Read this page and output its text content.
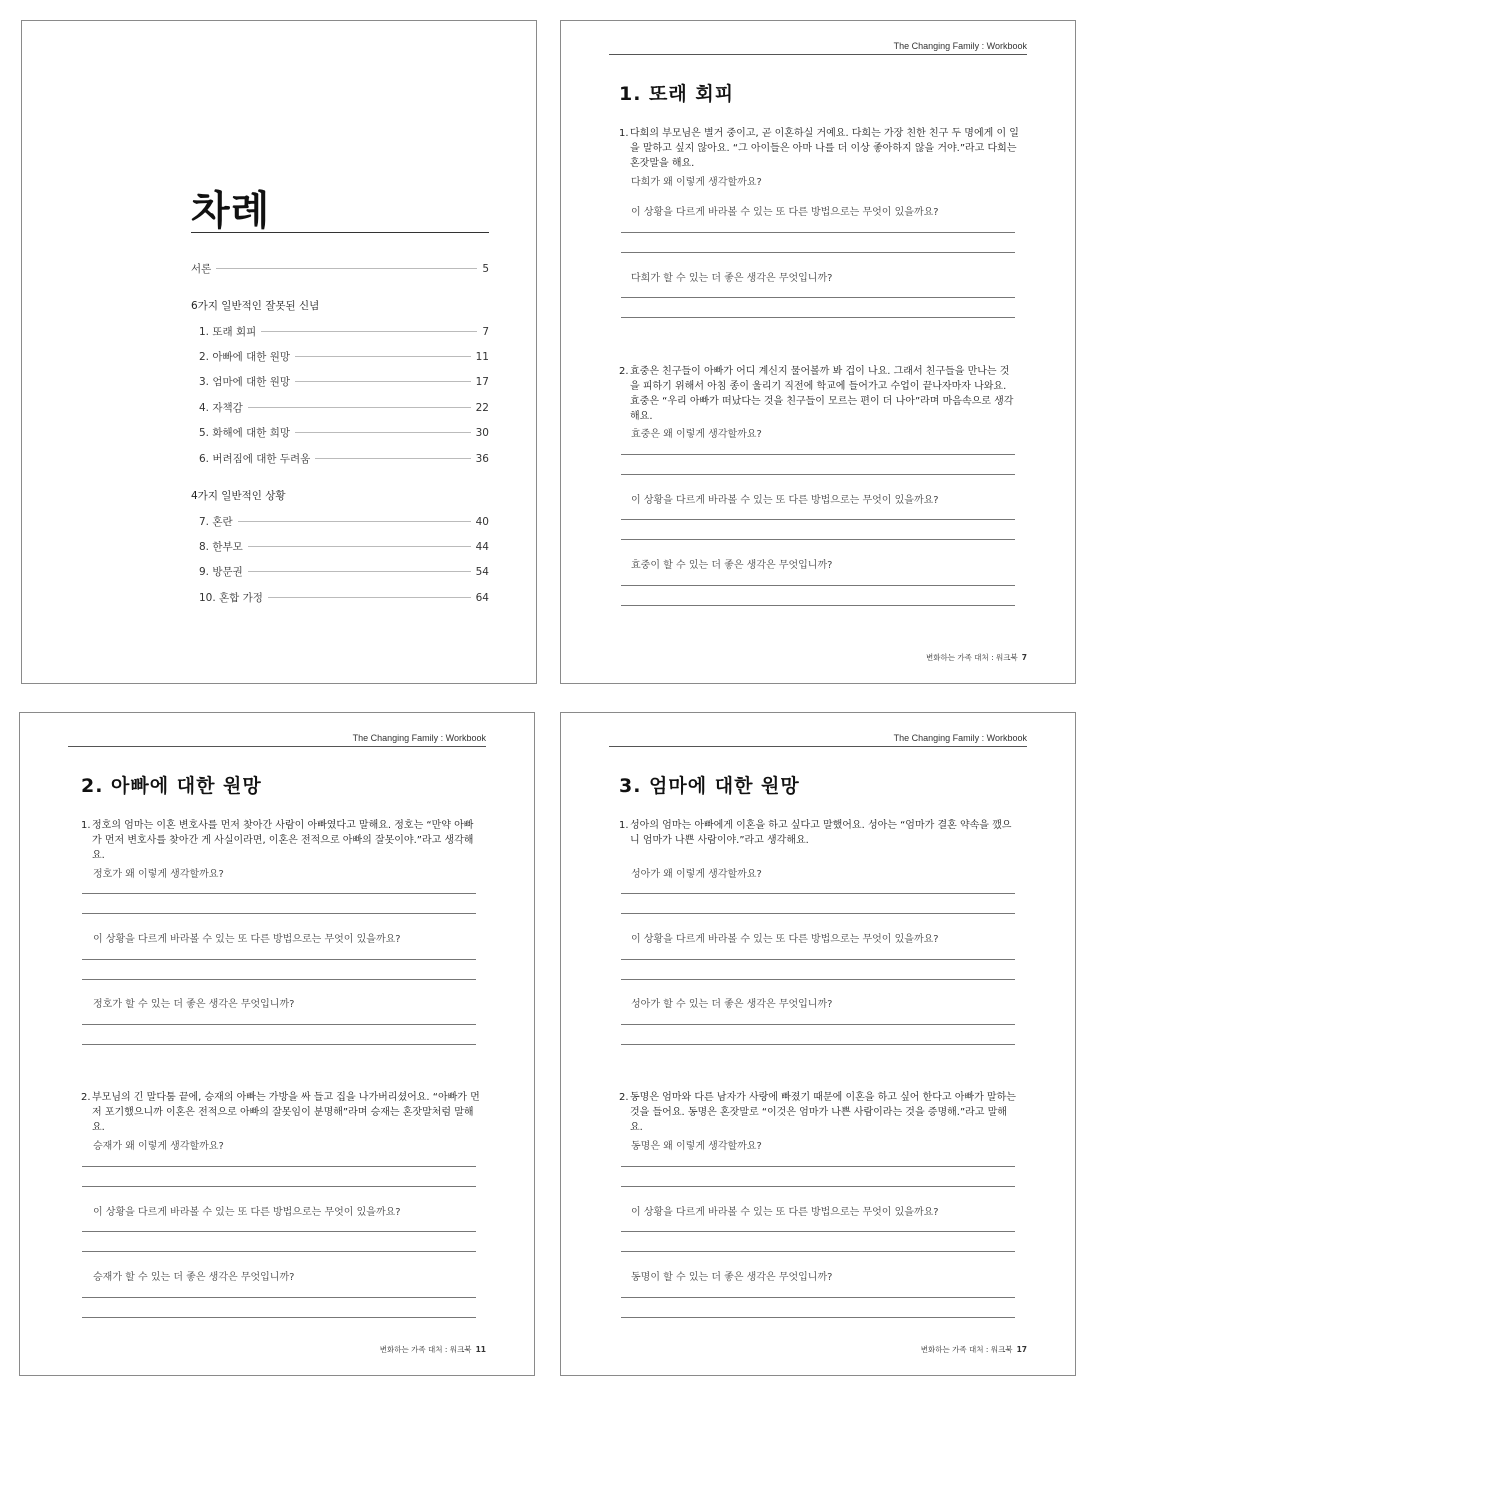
차례
서론	5
6가지 일반적인 잘못된 신념
1. 또래 회피	7
2. 아빠에 대한 원망	11
3. 엄마에 대한 원망	17
4. 자책감	22
5. 화해에 대한 희망	30
6. 버려짐에 대한 두려움	36
4가지 일반적인 상황
7. 혼란	40
8. 한부모	44
9. 방문권	54
10. 혼합 가정	64
The Changing Family : Workbook
1. 또래 회피
1. 다희의 부모님은 별거 중이고, 곧 이혼하실 거예요. 다희는 가장 친한 친구 두 명에게 이 일을 말하고 싶지 않아요. “그 아이들은 아마 나를 더 이상 좋아하지 않을 거야.”라고 다희는 혼잣말을 해요.
다희가 왜 이렇게 생각할까요?
이 상황을 다르게 바라볼 수 있는 또 다른 방법으로는 무엇이 있을까요?
다희가 할 수 있는 더 좋은 생각은 무엇입니까?
2. 효중은 친구들이 아빠가 어디 계신지 물어볼까 봐 겁이 나요. 그래서 친구들을 만나는 것을 피하기 위해서 아침 종이 울리기 직전에 학교에 들어가고 수업이 끝나자마자 나와요. 효중은 “우리 아빠가 떠났다는 것을 친구들이 모르는 편이 더 나아”라며 마음속으로 생각해요.
효중은 왜 이렇게 생각할까요?
이 상황을 다르게 바라볼 수 있는 또 다른 방법으로는 무엇이 있을까요?
효중이 할 수 있는 더 좋은 생각은 무엇입니까?
변화하는 가족 대처 : 워크북 7
The Changing Family : Workbook
2. 아빠에 대한 원망
1. 정호의 엄마는 이혼 변호사를 먼저 찾아간 사람이 아빠였다고 말해요. 정호는 “만약 아빠가 먼저 변호사를 찾아간 게 사실이라면, 이혼은 전적으로 아빠의 잘못이야.”라고 생각해요.
정호가 왜 이렇게 생각할까요?
이 상황을 다르게 바라볼 수 있는 또 다른 방법으로는 무엇이 있을까요?
정호가 할 수 있는 더 좋은 생각은 무엇입니까?
2. 부모님의 긴 말다툼 끝에, 승재의 아빠는 가방을 싸 들고 집을 나가버리셨어요. “아빠가 먼저 포기했으니까 이혼은 전적으로 아빠의 잘못임이 분명해”라며 승재는 혼잣말처럼 말해요.
승재가 왜 이렇게 생각할까요?
이 상황을 다르게 바라볼 수 있는 또 다른 방법으로는 무엇이 있을까요?
승재가 할 수 있는 더 좋은 생각은 무엇입니까?
변화하는 가족 대처 : 워크북 11
The Changing Family : Workbook
3. 엄마에 대한 원망
1. 성아의 엄마는 아빠에게 이혼을 하고 싶다고 말했어요. 성아는 “엄마가 결혼 약속을 깼으니 엄마가 나쁜 사람이야.”라고 생각해요.
성아가 왜 이렇게 생각할까요?
이 상황을 다르게 바라볼 수 있는 또 다른 방법으로는 무엇이 있을까요?
성아가 할 수 있는 더 좋은 생각은 무엇입니까?
2. 동명은 엄마와 다른 남자가 사랑에 빠졌기 때문에 이혼을 하고 싶어 한다고 아빠가 말하는 것을 들어요. 동명은 혼잣말로 “이것은 엄마가 나쁜 사람이라는 것을 증명해.”라고 말해요.
동명은 왜 이렇게 생각할까요?
이 상황을 다르게 바라볼 수 있는 또 다른 방법으로는 무엇이 있을까요?
동명이 할 수 있는 더 좋은 생각은 무엇입니까?
변화하는 가족 대처 : 워크북 17
